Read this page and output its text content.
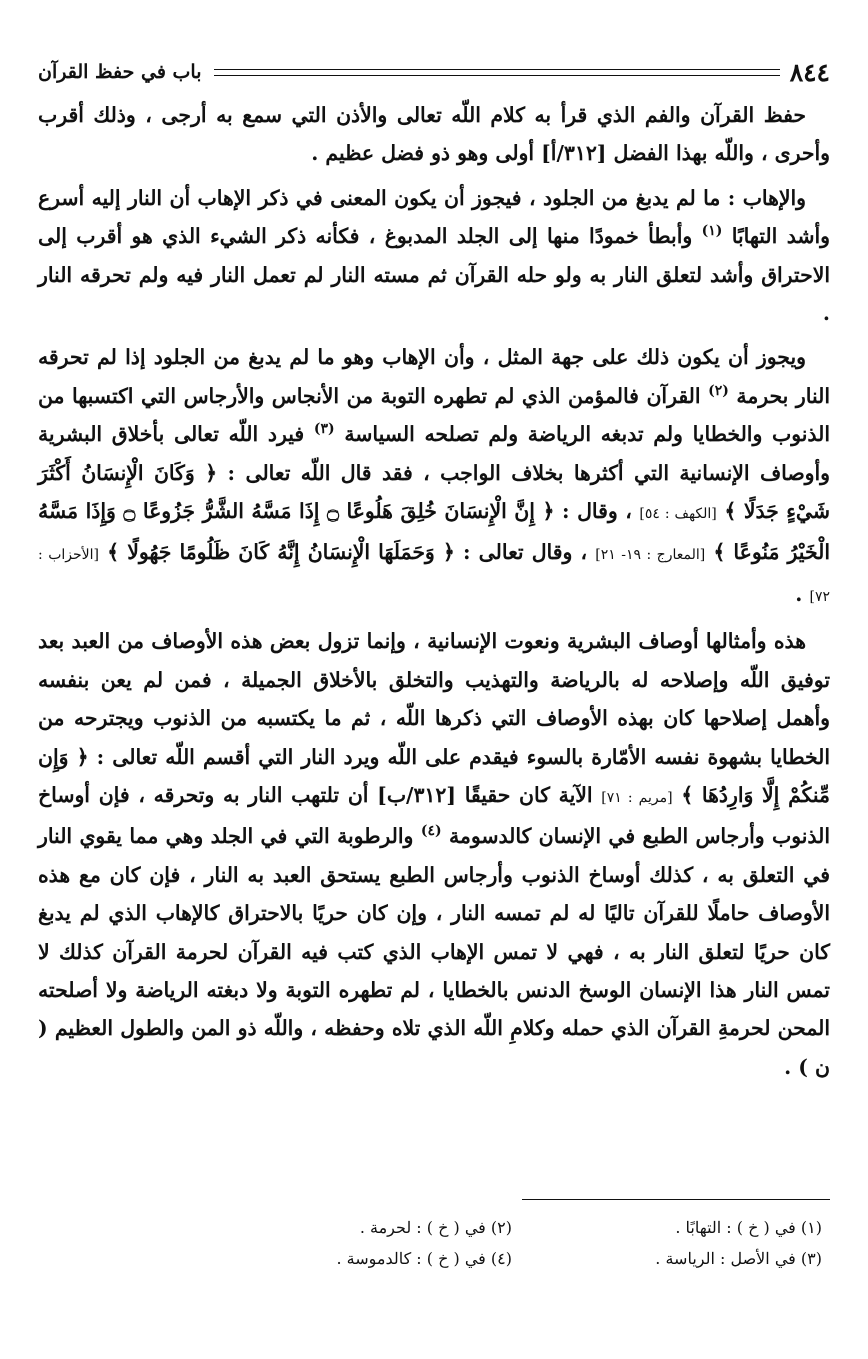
٨٤٤
باب في حفظ القرآن

حفظ القرآن والفم الذي قرأ به كلام اللّه تعالى والأذن التي سمع به أرجى ، وذلك أقرب وأحرى ، واللّه بهذا الفضل [٣١٢/أ] أولى وهو ذو فضل عظيم .

والإهاب : ما لم يدبغ من الجلود ، فيجوز أن يكون المعنى في ذكر الإهاب أن النار إليه أسرع وأشد التهابًا $^{(١)}$ وأبطأ خمودًا منها إلى الجلد المدبوغ ، فكأنه ذكر الشيء الذي هو أقرب إلى الاحتراق وأشد لتعلق النار به ولو حله القرآن ثم مسته النار لم تعمل النار فيه ولم تحرقه النار .

ويجوز أن يكون ذلك على جهة المثل ، وأن الإهاب وهو ما لم يدبغ من الجلود إذا لم تحرقه النار بحرمة $^{(٢)}$ القرآن فالمؤمن الذي لم تطهره التوبة من الأنجاس والأرجاس التي اكتسبها من الذنوب والخطايا ولم تدبغه الرياضة ولم تصلحه السياسة $^{(٣)}$ فيرد اللّه تعالى بأخلاق البشرية وأوصاف الإنسانية التي أكثرها بخلاف الواجب ، فقد قال اللّه تعالى : ﴿ وَكَانَ الْإِنسَانُ أَكْثَرَ شَيْءٍ جَدَلًا ﴾ [الكهف : ٥٤] ، وقال : ﴿ إِنَّ الْإِنسَانَ خُلِقَ هَلُوعًا ۝ إِذَا مَسَّهُ الشَّرُّ جَزُوعًا ۝ وَإِذَا مَسَّهُ الْخَيْرُ مَنُوعًا ﴾ [المعارج : ١٩- ٢١] ، وقال تعالى : ﴿ وَحَمَلَهَا الْإِنسَانُ إِنَّهُ كَانَ ظَلُومًا جَهُولًا ﴾ [الأحزاب : ٧٢] .

هذه وأمثالها أوصاف البشرية ونعوت الإنسانية ، وإنما تزول بعض هذه الأوصاف من العبد بعد توفيق اللّه وإصلاحه له بالرياضة والتهذيب والتخلق بالأخلاق الجميلة ، فمن لم يعن بنفسه وأهمل إصلاحها كان بهذه الأوصاف التي ذكرها اللّه ، ثم ما يكتسبه من الذنوب ويجترحه من الخطايا بشهوة نفسه الأمّارة بالسوء فيقدم على اللّه ويرد النار التي أقسم اللّه تعالى : ﴿ وَإِن مِّنكُمْ إِلَّا وَارِدُهَا ﴾ [مريم : ٧١] الآية كان حقيقًا [٣١٢/ب] أن تلتهب النار به وتحرقه ، فإن أوساخ الذنوب وأرجاس الطبع في الإنسان كالدسومة $^{(٤)}$ والرطوبة التي في الجلد وهي مما يقوي النار في التعلق به ، كذلك أوساخ الذنوب وأرجاس الطبع يستحق العبد به النار ، فإن كان مع هذه الأوصاف حاملًا للقرآن تاليًا له لم تمسه النار ، وإن كان حريًا بالاحتراق كالإهاب الذي لم يدبغ كان حريًا لتعلق النار به ، فهي لا تمس الإهاب الذي كتب فيه القرآن لحرمة القرآن كذلك لا تمس النار هذا الإنسان الوسخ الدنس بالخطايا ، لم تطهره التوبة ولا دبغته الرياضة ولا أصلحته المحن لحرمةِ القرآن الذي حمله وكلامِ اللّه الذي تلاه وحفظه ، واللّه ذو المن والطول العظيم ( ن ) .

(١) في ( خ ) : التهابًا .
(٢) في ( خ ) : لحرمة .
(٣) في الأصل : الرياسة .
(٤) في ( خ ) : كالدموسة .
